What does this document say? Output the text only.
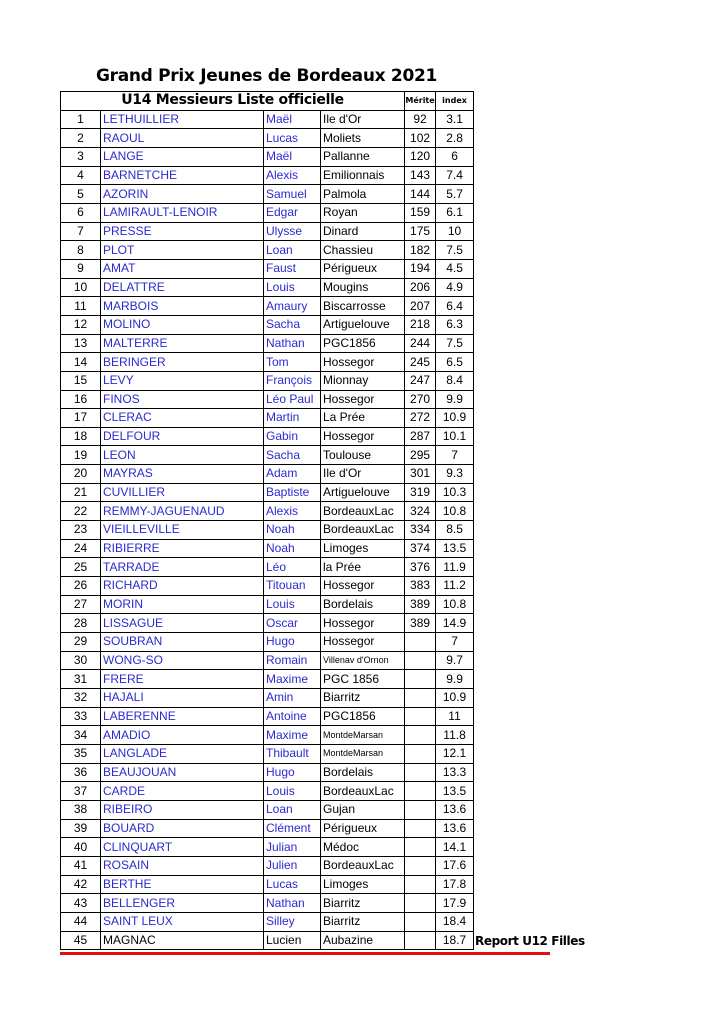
Grand Prix Jeunes de Bordeaux 2021
U14 Messieurs Liste officielle				Mérite	index
1	LETHUILLIER	Maël	Ile d'Or	92	3.1
2	RAOUL	Lucas	Moliets	102	2.8
3	LANGE	Maël	Pallanne	120	6
4	BARNETCHE	Alexis	Emilionnais	143	7.4
5	AZORIN	Samuel	Palmola	144	5.7
6	LAMIRAULT-LENOIR	Edgar	Royan	159	6.1
7	PRESSE	Ulysse	Dinard	175	10
8	PLOT	Loan	Chassieu	182	7.5
9	AMAT	Faust	Périgueux	194	4.5
10	DELATTRE	Louis	Mougins	206	4.9
11	MARBOIS	Amaury	Biscarrosse	207	6.4
12	MOLINO	Sacha	Artiguelouve	218	6.3
13	MALTERRE	Nathan	PGC1856	244	7.5
14	BERINGER	Tom	Hossegor	245	6.5
15	LEVY	François	Mionnay	247	8.4
16	FINOS	Léo Paul	Hossegor	270	9.9
17	CLERAC	Martin	La Prée	272	10.9
18	DELFOUR	Gabin	Hossegor	287	10.1
19	LEON	Sacha	Toulouse	295	7
20	MAYRAS	Adam	Ile d'Or	301	9.3
21	CUVILLIER	Baptiste	Artiguelouve	319	10.3
22	REMMY-JAGUENAUD	Alexis	BordeauxLac	324	10.8
23	VIEILLEVILLE	Noah	BordeauxLac	334	8.5
24	RIBIERRE	Noah	Limoges	374	13.5
25	TARRADE	Léo	la Prée	376	11.9
26	RICHARD	Titouan	Hossegor	383	11.2
27	MORIN	Louis	Bordelais	389	10.8
28	LISSAGUE	Oscar	Hossegor	389	14.9
29	SOUBRAN	Hugo	Hossegor		7
30	WONG-SO	Romain	Villenav d'Ornon		9.7
31	FRERE	Maxime	PGC 1856		9.9
32	HAJALI	Amin	Biarritz		10.9
33	LABERENNE	Antoine	PGC1856		11
34	AMADIO	Maxime	MontdeMarsan		11.8
35	LANGLADE	Thibault	MontdeMarsan		12.1
36	BEAUJOUAN	Hugo	Bordelais		13.3
37	CARDE	Louis	BordeauxLac		13.5
38	RIBEIRO	Loan	Gujan		13.6
39	BOUARD	Clément	Périgueux		13.6
40	CLINQUART	Julian	Médoc		14.1
41	ROSAIN	Julien	BordeauxLac		17.6
42	BERTHE	Lucas	Limoges		17.8
43	BELLENGER	Nathan	Biarritz		17.9
44	SAINT LEUX	Silley	Biarritz		18.4
45	MAGNAC	Lucien	Aubazine		18.7 Report U12 Filles
